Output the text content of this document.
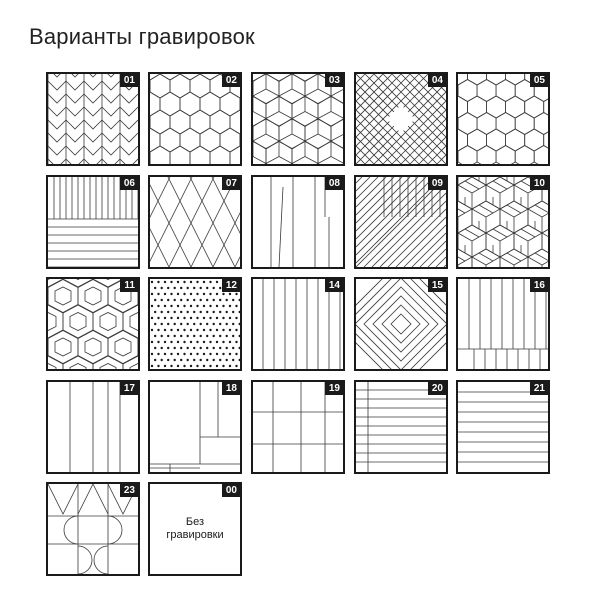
Варианты гравировок
01	02	03	04	05
06	07	08	09	10
11	12	14	15	16
17	18	19	20	21
23
Без
гравировки
00
